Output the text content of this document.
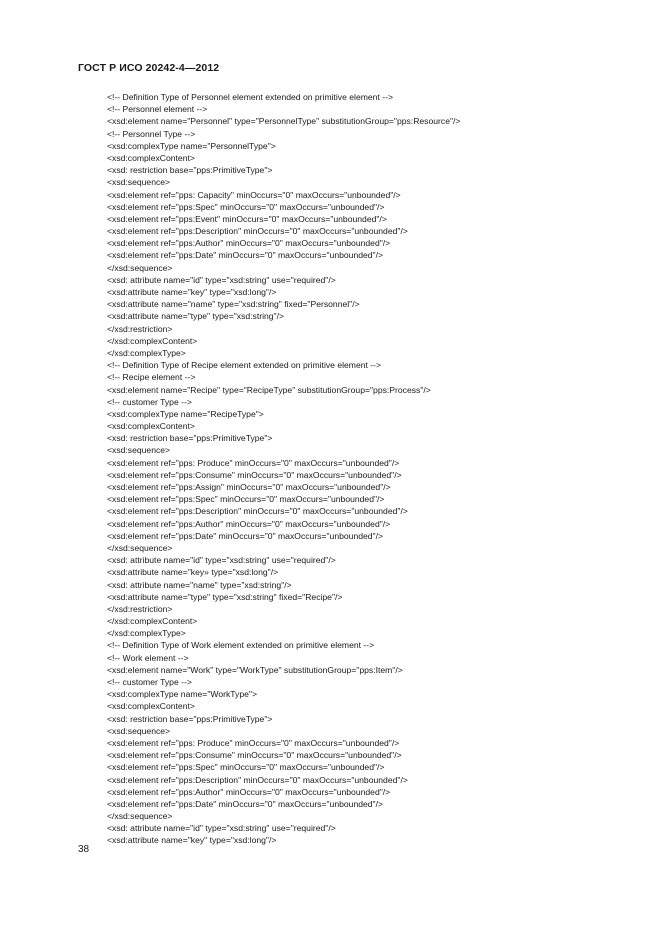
ГОСТ Р ИСО 20242-4—2012
<!-- Definition Type of Personnel element extended on primitive element -->
<!-- Personnel element -->
<xsd:element name="Personnel" type="PersonnelType" substitutionGroup="pps:Resource"/>
<!-- Personnel Type -->
<xsd:complexType name="PersonnelType">
<xsd:complexContent>
<xsd: restriction base="pps:PrimitiveType">
<xsd:sequence>
<xsd:element ref="pps: Capacity" minOccurs="0" maxOccurs="unbounded"/>
<xsd:element ref="pps:Spec" minOccurs="0" maxOccurs="unbounded"/>
<xsd:element ref="pps:Event" minOccurs="0" maxOccurs="unbounded"/>
<xsd:element ref="pps:Description" minOccurs="0" maxOccurs="unbounded"/>
<xsd:element ref="pps:Author" minOccurs="0" maxOccurs="unbounded"/>
<xsd:element ref="pps:Date" minOccurs="0" maxOccurs="unbounded"/>
</xsd:sequence>
<xsd: attribute name="id" type="xsd:string" use="required"/>
<xsd:attribute name="key" type="xsd:long"/>
<xsd:attribute name="name" type="xsd:string" fixed="Personnel"/>
<xsd:attribute name="type" type="xsd:string"/>
</xsd:restriction>
</xsd:complexContent>
</xsd:complexType>
<!-- Definition Type of Recipe element extended on primitive element -->
<!-- Recipe element -->
<xsd:element name="Recipe" type="RecipeType" substitutionGroup="pps:Process"/>
<!-- customer Type -->
<xsd:complexType name="RecipeType">
<xsd:complexContent>
<xsd: restriction base="pps:PrimitiveType">
<xsd:sequence>
<xsd:element ref="pps: Produce" minOccurs="0" maxOccurs="unbounded"/>
<xsd:element ref="pps:Consume" minOccurs="0" maxOccurs="unbounded"/>
<xsd:element ref="pps:Assign" minOccurs="0" maxOccurs="unbounded"/>
<xsd:element ref="pps:Spec" minOccurs="0" maxOccurs="unbounded"/>
<xsd:element ref="pps:Description" minOccurs="0" maxOccurs="unbounded"/>
<xsd:element ref="pps:Author" minOccurs="0" maxOccurs="unbounded"/>
<xsd:element ref="pps:Date" minOccurs="0" maxOccurs="unbounded"/>
</xsd:sequence>
<xsd: attribute name="id" type="xsd:string" use="required"/>
<xsd:attribute name="key» type="xsd:long"/>
<xsd: attribute name="name" type="xsd:string"/>
<xsd:attribute name="type" type="xsd:string" fixed="Recipe"/>
</xsd:restriction>
</xsd:complexContent>
</xsd:complexType>
<!-- Definition Type of Work element extended on primitive element -->
<!-- Work element -->
<xsd:element name="Work" type="WorkType" substitutionGroup="pps:Item"/>
<!-- customer Type -->
<xsd:complexType name="WorkType">
<xsd:complexContent>
<xsd: restriction base="pps:PrimitiveType">
<xsd:sequence>
<xsd:element ref="pps: Produce" minOccurs="0" maxOccurs="unbounded"/>
<xsd:element ref="pps:Consume" minOccurs="0" maxOccurs="unbounded"/>
<xsd:element ref="pps:Spec" minOccurs="0" maxOccurs="unbounded"/>
<xsd:element ref="pps:Description" minOccurs="0" maxOccurs="unbounded"/>
<xsd:element ref="pps:Author" minOccurs="0" maxOccurs="unbounded"/>
<xsd:element ref="pps:Date" minOccurs="0" maxOccurs="unbounded"/>
</xsd:sequence>
<xsd: attribute name="id" type="xsd:string" use="required"/>
<xsd:attribute name="key" type="xsd:long"/>
38
